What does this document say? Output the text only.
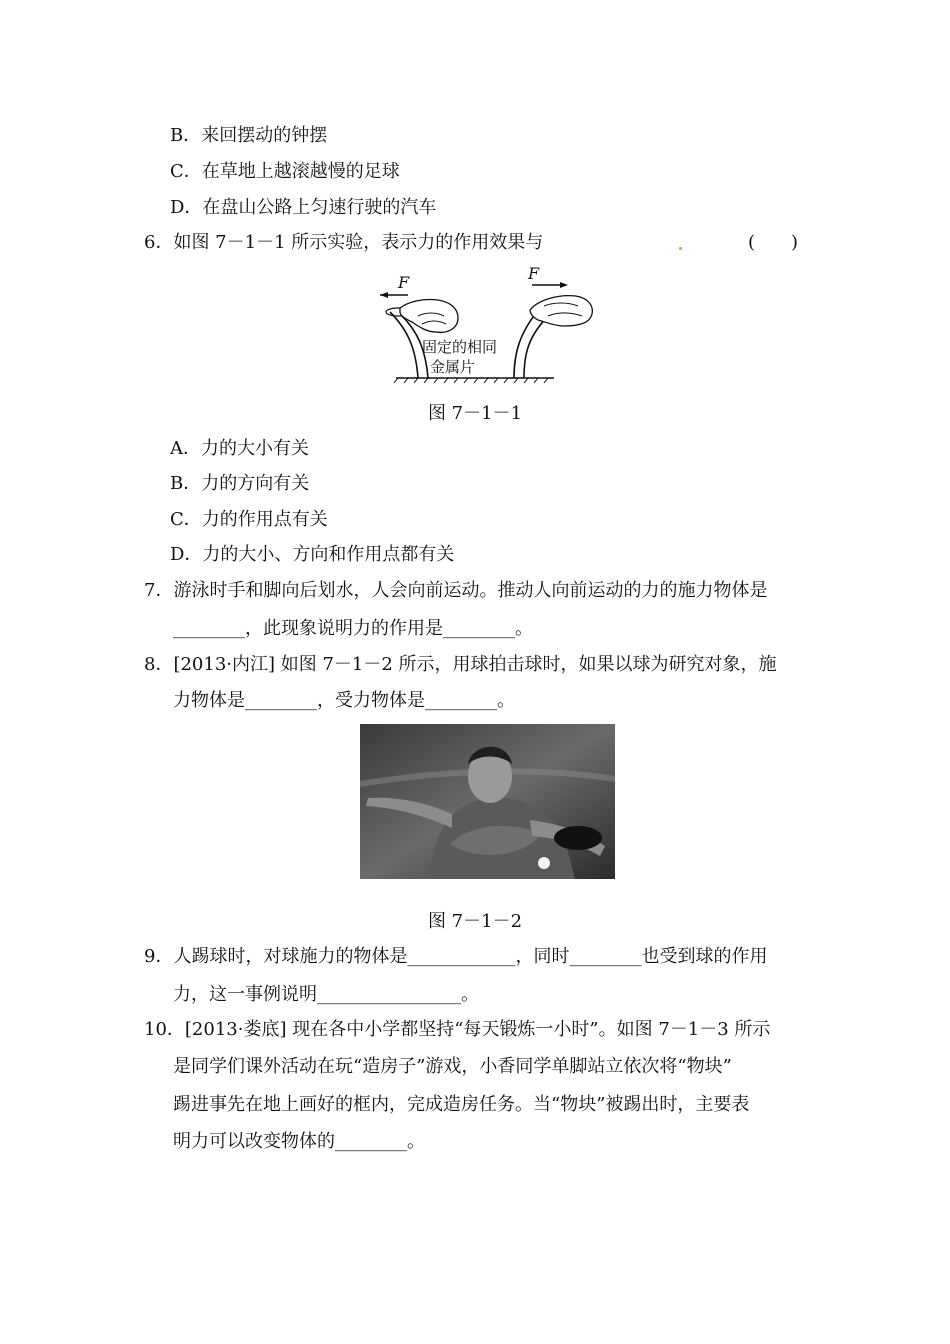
B．来回摆动的钟摆
C．在草地上越滚越慢的足球
D．在盘山公路上匀速行驶的汽车
6．如图 7－1－1 所示实验，表示力的作用效果与	(　　)
F	F
固定的相同
金属片
图 7－1－1
A．力的大小有关
B．力的方向有关
C．力的作用点有关
D．力的大小、方向和作用点都有关
7．游泳时手和脚向后划水，人会向前运动。推动人向前运动的力的施力物体是
________，此现象说明力的作用是________。
8．[2013·内江] 如图 7－1－2 所示，用球拍击球时，如果以球为研究对象，施
力物体是________，受力物体是________。
图 7－1－2
9．人踢球时，对球施力的物体是____________，同时________也受到球的作用
力，这一事例说明________________。
10．[2013·娄底] 现在各中小学都坚持“每天锻炼一小时”。如图 7－1－3 所示
是同学们课外活动在玩“造房子”游戏，小香同学单脚站立依次将“物块”
踢进事先在地上画好的框内，完成造房任务。当“物块”被踢出时，主要表
明力可以改变物体的________。
